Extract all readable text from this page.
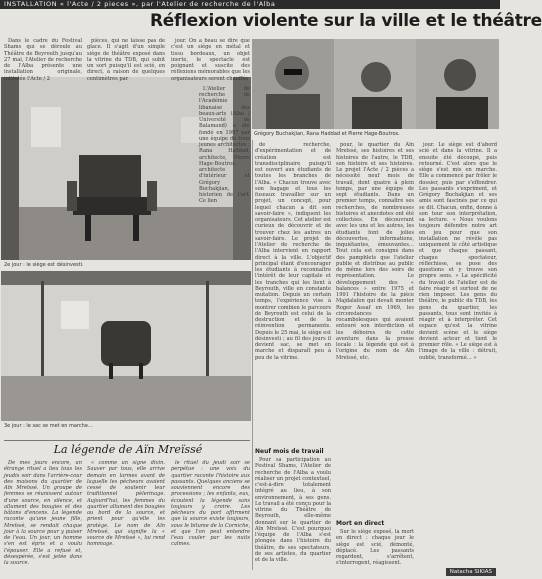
INSTALLATION « l'Acte / 2 pieces », par l'Atelier de recherche de l'Alba
Réflexion violente sur la ville et le théâtre
2e jour : le siège est désinvesti.
3e jour : le sac se met en marche…
Grégory Buchakjian, Rana Haddad et Pierre Hage-Boutros.

Dans le cadre du Festival Shams qui se déroule au Théâtre de Beyrouth jusqu'au 27 mai, l'Atelier de recherche de l'Alba présente une installation originale, intitulée l'Acte / 2

pièces, qui ne laisse pas de glace. Il s'agit d'un simple siège de théâtre exposé dans la vitrine du TDB, qui subit un sort puisqu'il est scié, en direct, à raison de quelques centimètres par

jour. On a beau se dire que c'est un siège en métal et tissu bordeaux, un objet inerte, le spectacle est poignant et suscite des réflexions mémorables que les organisateurs seront chauffés

L'Atelier de recherche de l'Académie libanaise des beaux-arts (Alba / Université de Balamand) a été fondé en 1997 par une équipe de trois jeunes architectes : Rana Haddad, architecte, Pierre Hage-Boutros, architecte d'intérieur et Grégory Buchakjian, historien de l'art. Ce lien

de recherche, d'expérimentation et de création est transdisciplinaire puisqu'il est ouvert aux étudiants de toutes les branches de l'Alba. « Chacun trouve avec son bagage et tous les fuseaux travailler sur un projet, un concept, pour lequel chacun a dit son savoir-faire », indiquent les organisateurs. Cet atelier est curieux de découvrir et de trouver chez les autres un savoir-faire. Le projet de l'Atelier de recherche de l'Alba intervient en rapport direct à la ville. L'objectif principal étant d'encourager les étudiants à reconnaître l'intérêt de leur capitale et les tranches qui les lient à Beyrouth, ville en constante mutation. Depuis un certain temps, l'expérience vise à montrer combien le parcours de Beyrouth est celui de la destruction et de la réinvention permanente. Depuis le 25 mai, le siège est désinvesti ; au fil des jours il devient sac, se met en marche et disparaît peu à peu de la vitrine.

pour, le quartier du Aïn Mreïssé, ses histoires et ses histoires de l'autre, le TDB, son histoire et ses histoires. Le projet l'Acte / 2 pièces a nécessité neuf mois de travail, dont quatre à plein temps, par une équipe de sept étudiants. Dans un premier temps, connaître ses recherches, de nombreuses histoires et anecdotes ont été collectées. En découvrant avec les uns et les autres, les étudiants font de jolies découvertes, informations, inquiétantes, émouvantes… Tout cela est consigné dans des pamphlets que l'atelier publie et distribue au public de même lors des soirs de représentation. Le développement des « balances » entre 1975 et 1991 l'histoire de la pièce Majdalaïon qui devait monter Roger Assaf en 1969, les circonstances rocambolesques qui avaient entouré son interdiction et les déboires de cette aventure dans la presse locale : la légende qui est à l'origine du nom de Aïn Mreïssé, etc.

jour. Le siège est d'abord scié et dans la vitrine. Il a ensuite été découpé, puis retourné. C'est alors que le siège s'est mis en marche. Elle a commencé par frôler le dossier, puis par s'effondrer. Les passants s'expriment, et Grégory Buchakjian et ses amis sont fascinés par ce qui se dit. Chacun, enfin, donne à son tour son interprétation, sa lecture. « Nous voulons toujours défendre notre art en jeu pour que son installation ne révèle pas uniquement le côté artistique et que chaque passant, chaque spectateur, réfléchisse, se pose des questions et y trouve son propre sens. » La spécificité du travail de l'atelier est de faire réagir et surtout de ne rien imposer. Les gens du théâtre, le public du TDB, les gens du quartier, les passants, tous sont invités à réagir et à interpréter. Cet espace qu'est la vitrine devient scène et le siège devient acteur et tient le premier rôle. « Le siège est à l'image de la ville : détruit, oublié, transformé… »

Neuf mois de travail

Pour sa participation au Festival Shams, l'Atelier de recherche de l'Alba a voulu réaliser un projet contextuel, c'est-à-dire totalement intégré au lieu, à son environnement, à ses gens. Le travail a été conçu pour la vitrine du Théâtre de Beyrouth, elle-même donnant sur le quartier de Aïn Mreïssé. C'est pourquoi l'équipe de l'Alba s'est plongée dans l'histoire du théâtre, de ses spectateurs, de ses artistes, du quartier et de la ville.

Mort en direct

Sur le siège exposé, la mort en direct : chaque jour le siège est scié, démonté, déplacé. Les passants regardent, s'arrêtent, s'interrogent, réagissent.

La légende de Aïn Mreïssé

De mes jours encore, un étrange rituel a lieu tous les jeudis soir dans l'arrière-cour des maisons du quartier de Aïn Mreïssé. Un groupe de femmes se réunissent autour d'une source, en silence, et allument des bougies et des bâtons d'encens. La légende raconte qu'une jeune fille, Mreïssé, se rendait chaque jour à la source pour y puiser de l'eau. Un jour, un homme s'en est épris et a voulu l'épouser. Elle a refusé et, désespérée, s'est jetée dans la source.

« comme un signe divin. Sauver par tous, elle arrive demain en larmes avant de laquelle les pêcheurs avaient cessé de soutenir leur traditionnel pèlerinage. Aujourd'hui, les femmes du quartier allument des bougies au bord de la source, et prient pour qu'elle les protège. Le nom de Aïn Mreïssé, qui signifie la « source de Mreïssé », lui rend hommage.

le rituel du jeudi soir se perpétue : une voix du quartier raconte l'histoire aux passants. Quelques anciens se souviennent encore des processions ; les enfants, eux, écoutent la légende sans toujours y croire. Les pêcheurs du port affirment que la source existe toujours, sous le bitume de la Corniche, et que l'on peut entendre l'eau couler par les nuits calmes.

Natacha SIKIAS
